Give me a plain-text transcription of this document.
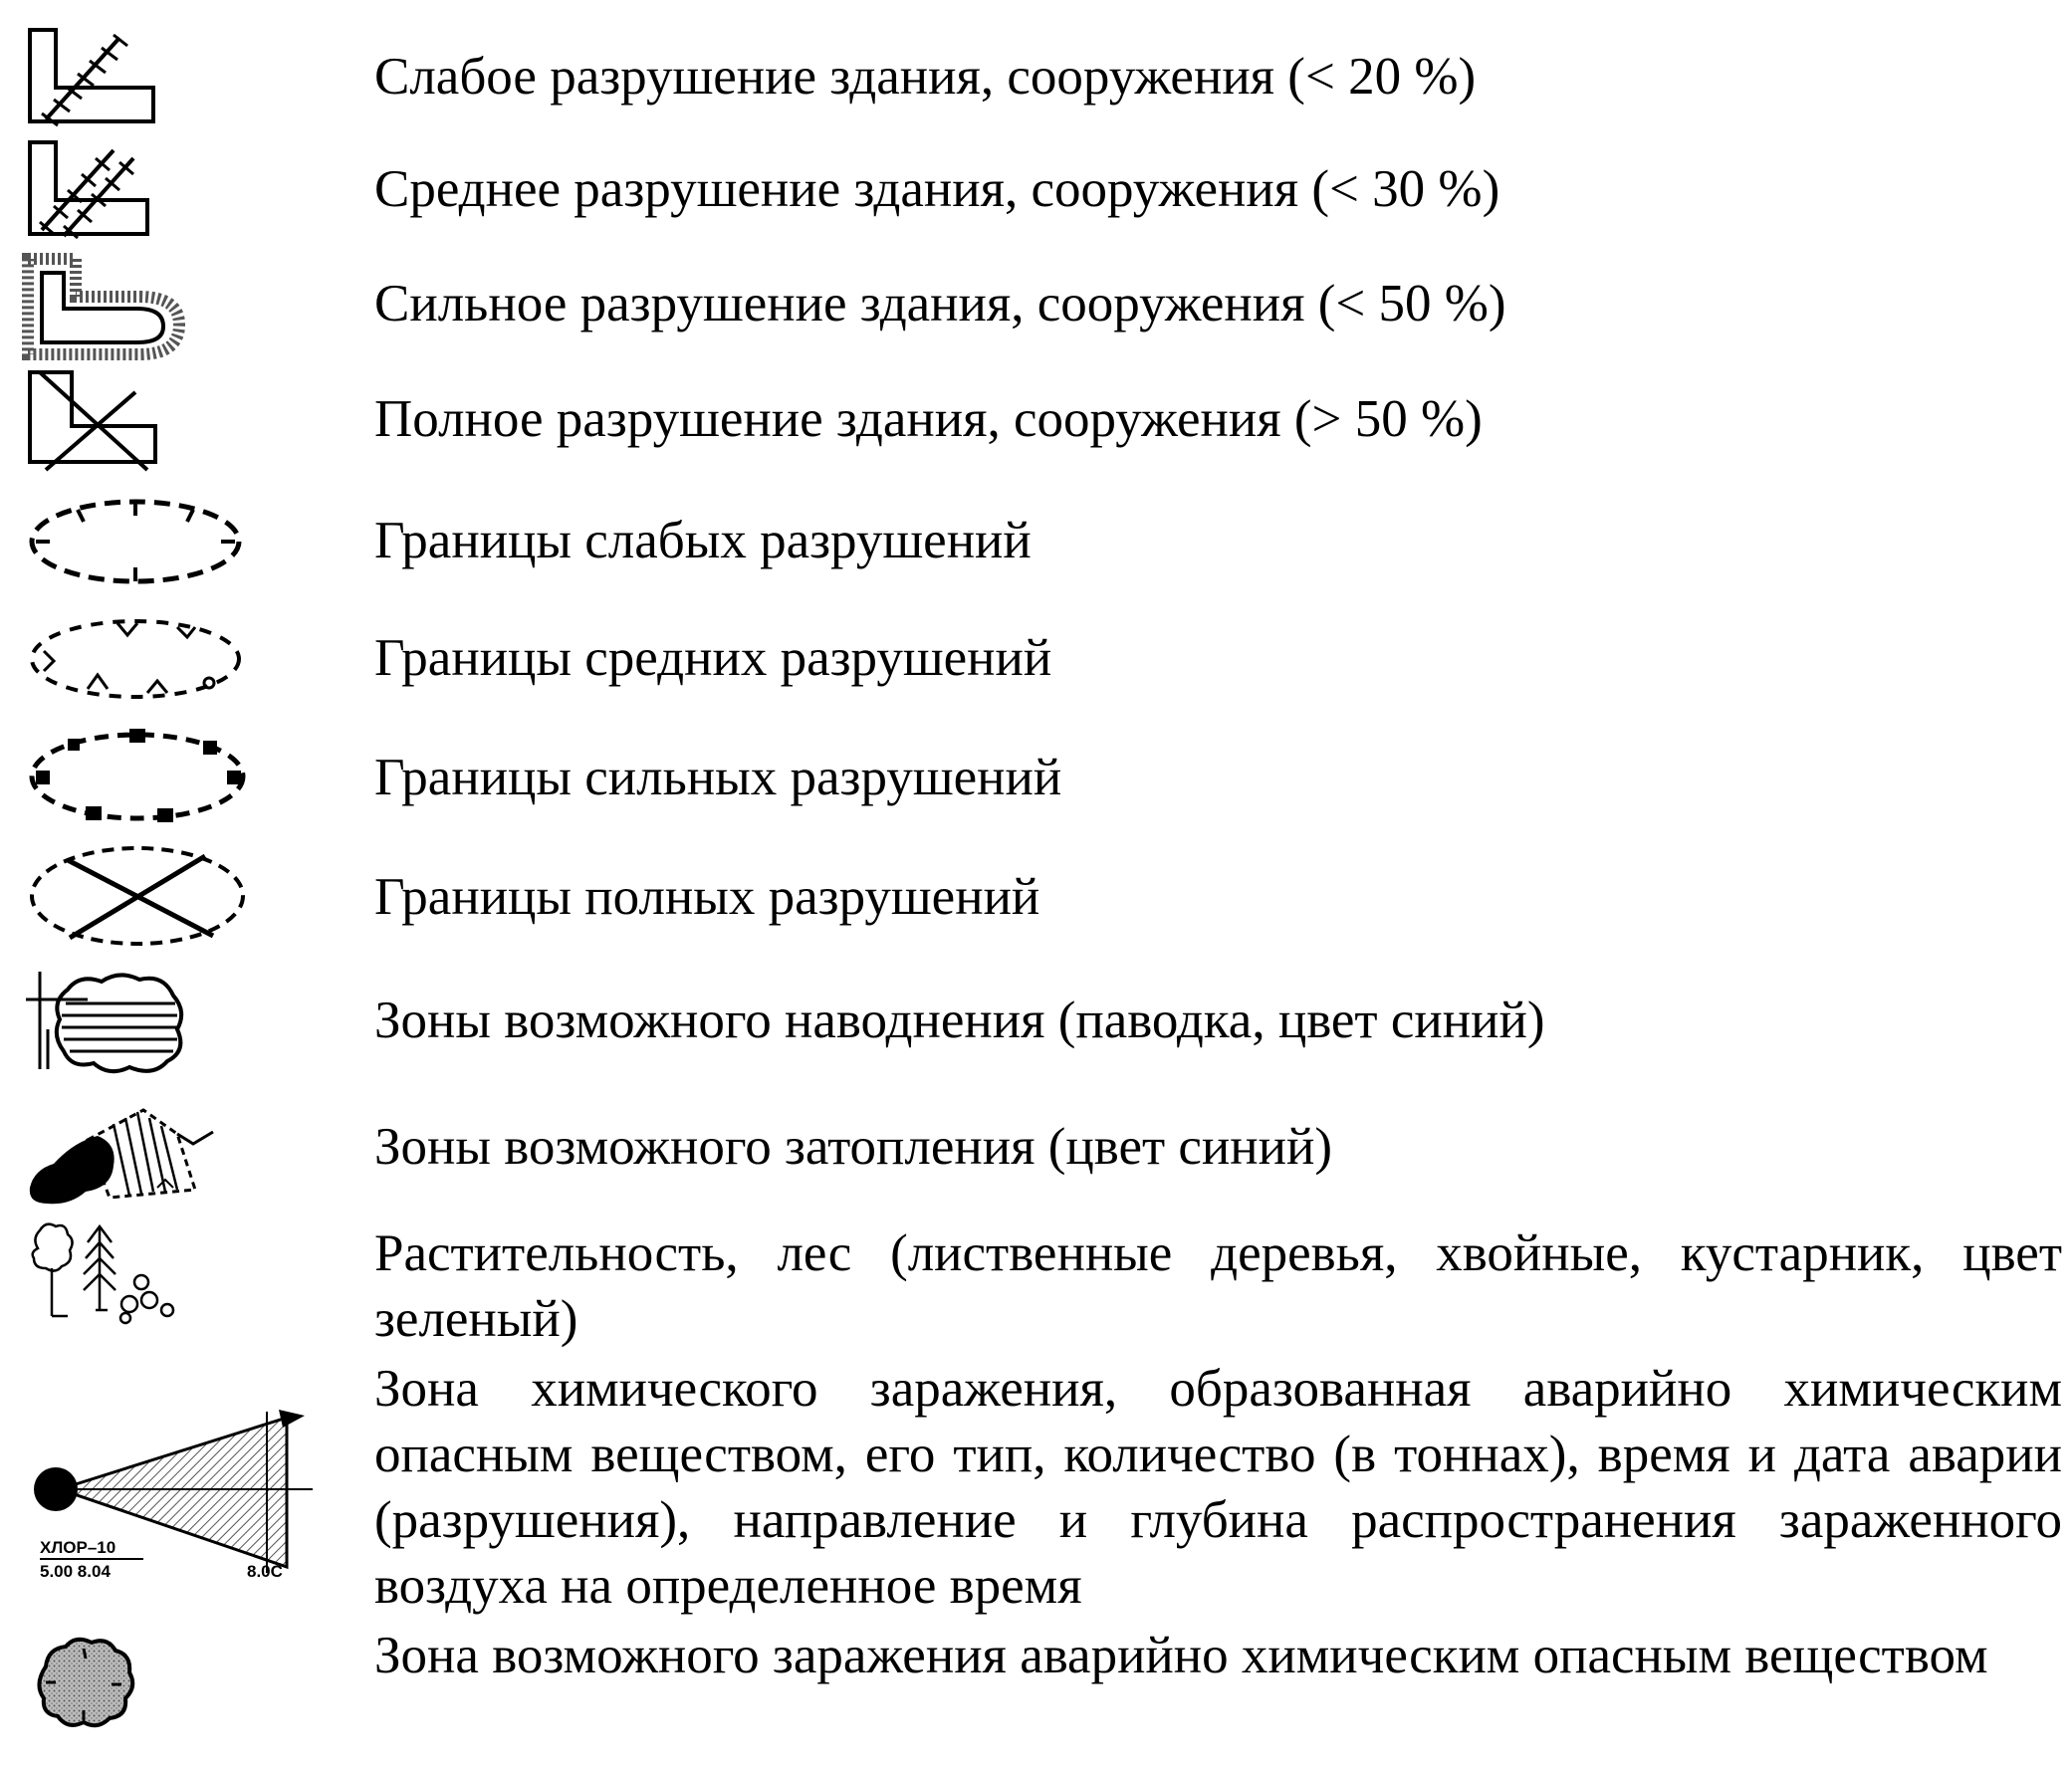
Слабое разрушение здания, сооружения (< 20 %)
Среднее разрушение здания, сооружения (< 30 %)
Сильное разрушение здания, сооружения (< 50 %)
Полное разрушение здания, сооружения (> 50 %)
Границы слабых разрушений
Границы средних разрушений
Границы сильных разрушений
Границы полных разрушений
Зоны возможного наводнения (паводка, цвет синий)
Зоны возможного затопления (цвет синий)
Растительность, лес (лиственные деревья, хвойные, кустарник, цвет зеленый)
ХЛОР–10
5.00 8.04	8.0С
Зона химического заражения, образованная аварийно химическим опасным веществом, его тип, количество (в тоннах), время и дата аварии (разрушения), направление и глубина распространения зараженного воздуха на определенное время
Зона возможного заражения аварийно химическим опасным веществом
